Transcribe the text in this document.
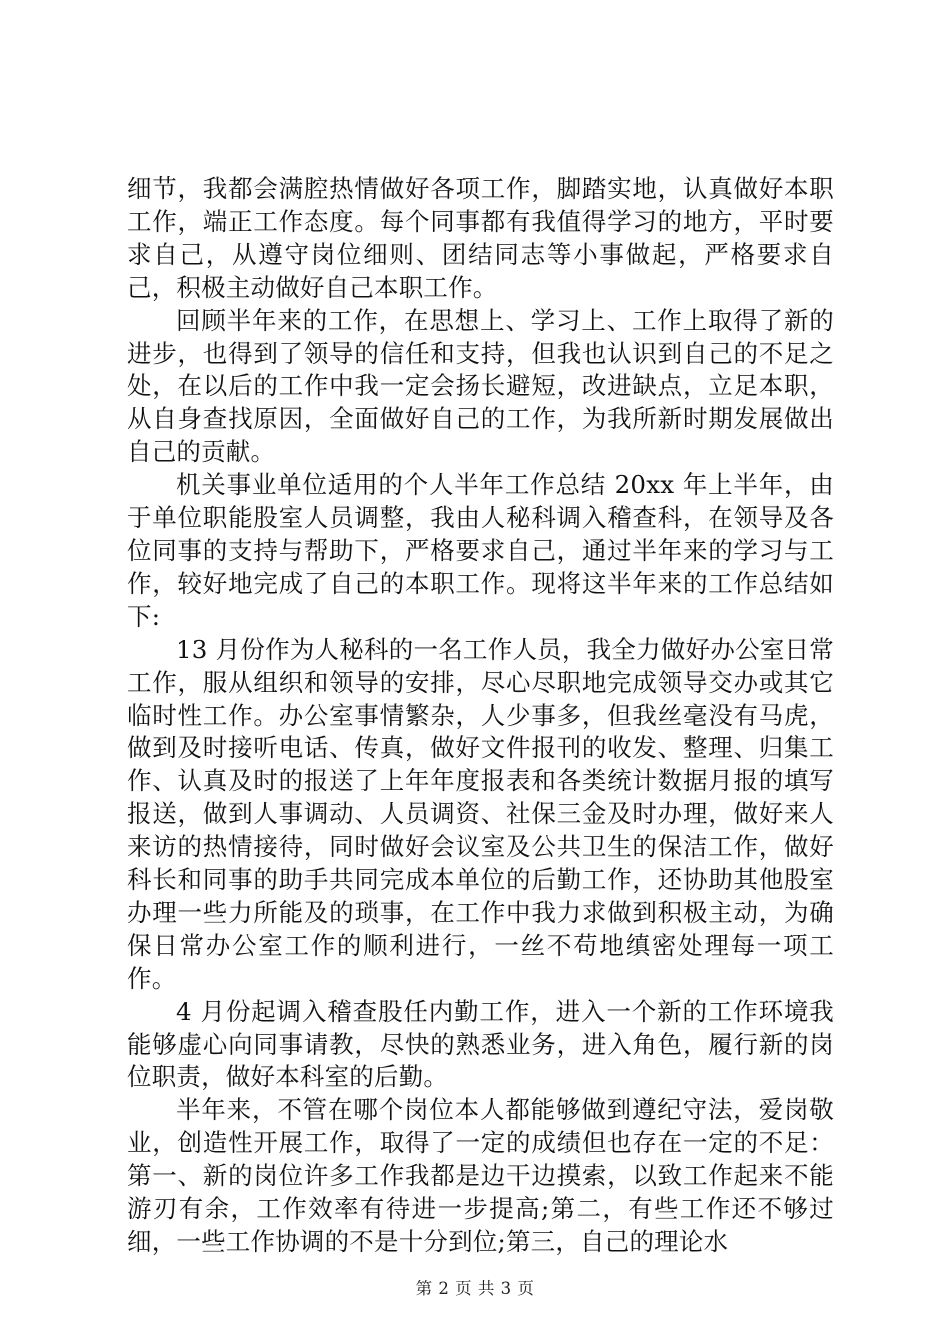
细节，我都会满腔热情做好各项工作，脚踏实地，认真做好本职工作，端正工作态度。每个同事都有我值得学习的地方，平时要求自己，从遵守岗位细则、团结同志等小事做起，严格要求自己，积极主动做好自己本职工作。

回顾半年来的工作，在思想上、学习上、工作上取得了新的进步，也得到了领导的信任和支持，但我也认识到自己的不足之处，在以后的工作中我一定会扬长避短，改进缺点，立足本职，从自身查找原因，全面做好自己的工作，为我所新时期发展做出自己的贡献。

机关事业单位适用的个人半年工作总结 20xx 年上半年，由于单位职能股室人员调整，我由人秘科调入稽查科，在领导及各位同事的支持与帮助下，严格要求自己，通过半年来的学习与工作，较好地完成了自己的本职工作。现将这半年来的工作总结如下:

13 月份作为人秘科的一名工作人员，我全力做好办公室日常工作，服从组织和领导的安排，尽心尽职地完成领导交办或其它临时性工作。办公室事情繁杂，人少事多，但我丝毫没有马虎，做到及时接听电话、传真，做好文件报刊的收发、整理、归集工作、认真及时的报送了上年年度报表和各类统计数据月报的填写报送，做到人事调动、人员调资、社保三金及时办理，做好来人来访的热情接待，同时做好会议室及公共卫生的保洁工作，做好科长和同事的助手共同完成本单位的后勤工作，还协助其他股室办理一些力所能及的琐事，在工作中我力求做到积极主动，为确保日常办公室工作的顺利进行，一丝不苟地缜密处理每一项工作。

4 月份起调入稽查股任内勤工作，进入一个新的工作环境我能够虚心向同事请教，尽快的熟悉业务，进入角色，履行新的岗位职责，做好本科室的后勤。

半年来，不管在哪个岗位本人都能够做到遵纪守法，爱岗敬业，创造性开展工作，取得了一定的成绩但也存在一定的不足：第一、新的岗位许多工作我都是边干边摸索，以致工作起来不能游刃有余，工作效率有待进一步提高;第二，有些工作还不够过细，一些工作协调的不是十分到位;第三，自己的理论水

第 2 页 共 3 页
